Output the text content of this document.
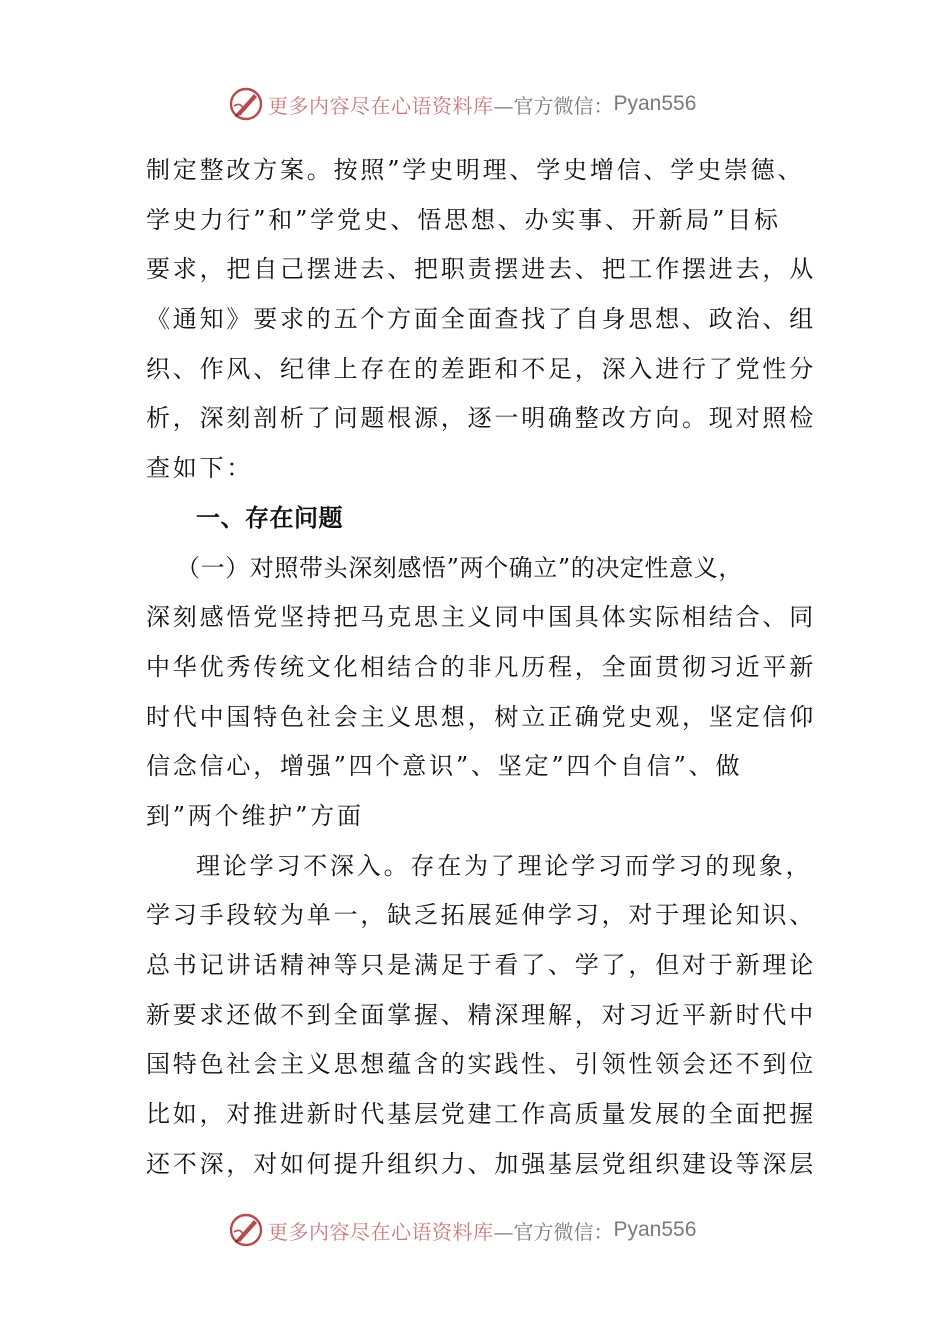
更多内容尽在心语资料库 —官方微信： Pyan556
制定整改方案。按照”学史明理、学史增信、学史崇德、
学史力行”和”学党史、悟思想、办实事、开新局”目标
要求，把自己摆进去、把职责摆进去、把工作摆进去，从
《通知》要求的五个方面全面查找了自身思想、政治、组
织、作风、纪律上存在的差距和不足，深入进行了党性分
析，深刻剖析了问题根源，逐一明确整改方向。现对照检
查如下：
一、存在问题
（一）对照带头深刻感悟”两个确立”的决定性意义，
深刻感悟党坚持把马克思主义同中国具体实际相结合、同
中华优秀传统文化相结合的非凡历程，全面贯彻习近平新
时代中国特色社会主义思想，树立正确党史观，坚定信仰
信念信心，增强”四个意识”、坚定”四个自信”、做
到”两个维护”方面
理论学习不深入。存在为了理论学习而学习的现象，
学习手段较为单一，缺乏拓展延伸学习，对于理论知识、
总书记讲话精神等只是满足于看了、学了，但对于新理论
新要求还做不到全面掌握、精深理解，对习近平新时代中
国特色社会主义思想蕴含的实践性、引领性领会还不到位
比如，对推进新时代基层党建工作高质量发展的全面把握
还不深，对如何提升组织力、加强基层党组织建设等深层
更多内容尽在心语资料库 —官方微信： Pyan556
